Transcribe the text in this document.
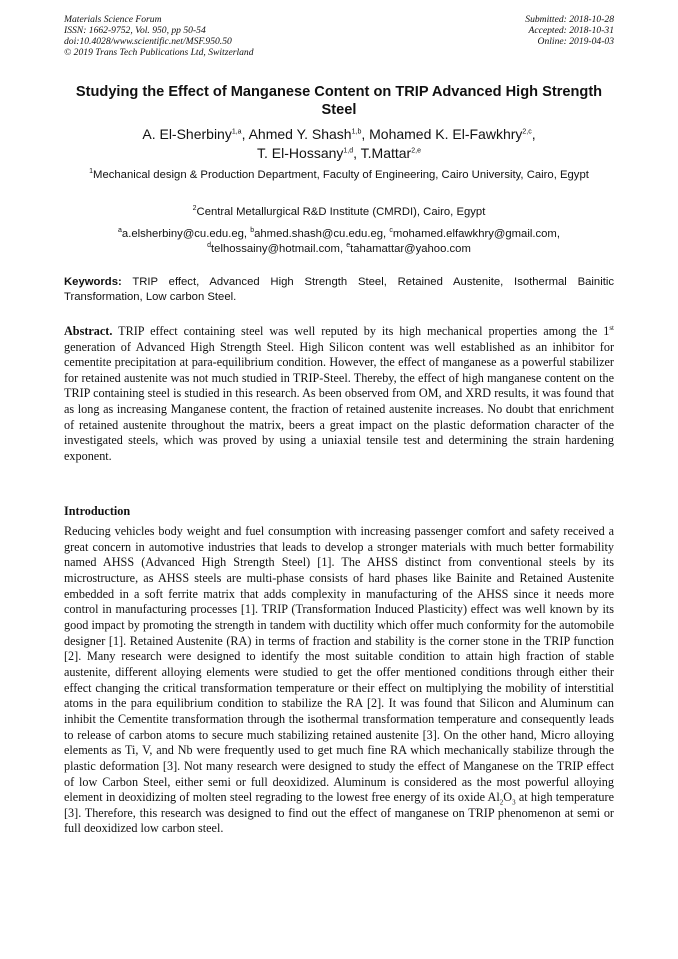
Materials Science Forum
ISSN: 1662-9752, Vol. 950, pp 50-54
doi:10.4028/www.scientific.net/MSF.950.50
© 2019 Trans Tech Publications Ltd, Switzerland
Submitted: 2018-10-28
Accepted: 2018-10-31
Online: 2019-04-03
Studying the Effect of Manganese Content on TRIP Advanced High Strength Steel
A. El-Sherbiny$^{1,a}$, Ahmed Y. Shash$^{1,b}$, Mohamed K. El-Fawkhry$^{2,c}$,
T. El-Hossany$^{1,d}$, T.Mattar$^{2,e}$
$^1$Mechanical design & Production Department, Faculty of Engineering, Cairo University, Cairo, Egypt
$^2$Central Metallurgical R&D Institute (CMRDI), Cairo, Egypt
$^a$a.elsherbiny@cu.edu.eg, $^b$ahmed.shash@cu.edu.eg, $^c$mohamed.elfawkhry@gmail.com,
$^d$telhossainy@hotmail.com, $^e$tahamattar@yahoo.com
Keywords: TRIP effect, Advanced High Strength Steel, Retained Austenite, Isothermal Bainitic Transformation, Low carbon Steel.
Abstract. TRIP effect containing steel was well reputed by its high mechanical properties among the 1st generation of Advanced High Strength Steel. High Silicon content was well established as an inhibitor for cementite precipitation at para-equilibrium condition. However, the effect of manganese as a powerful stabilizer for retained austenite was not much studied in TRIP-Steel. Thereby, the effect of high manganese content on the TRIP containing steel is studied in this research. As been observed from OM, and XRD results, it was found that as long as increasing Manganese content, the fraction of retained austenite increases. No doubt that enrichment of retained austenite throughout the matrix, beers a great impact on the plastic deformation character of the investigated steels, which was proved by using a uniaxial tensile test and determining the strain hardening exponent.
Introduction
Reducing vehicles body weight and fuel consumption with increasing passenger comfort and safety received a great concern in automotive industries that leads to develop a stronger materials with much better formability named AHSS (Advanced High Strength Steel) [1]. The AHSS distinct from conventional steels by its microstructure, as AHSS steels are multi-phase consists of hard phases like Bainite and Retained Austenite embedded in a soft ferrite matrix that adds complexity in manufacturing of the AHSS since it needs more control in manufacturing processes [1]. TRIP (Transformation Induced Plasticity) effect was well known by its good impact by promoting the strength in tandem with ductility which offer much conformity for the automobile designer [1]. Retained Austenite (RA) in terms of fraction and stability is the corner stone in the TRIP function [2]. Many research were designed to identify the most suitable condition to attain high fraction of stable austenite, different alloying elements were studied to get the offer mentioned conditions through either their effect changing the critical transformation temperature or their effect on multiplying the mobility of interstitial atoms in the para equilibrium condition to stabilize the RA [2]. It was found that Silicon and Aluminum can inhibit the Cementite transformation through the isothermal transformation temperature and consequently leads to release of carbon atoms to secure much stabilizing retained austenite [3]. On the other hand, Micro alloying elements as Ti, V, and Nb were frequently used to get much fine RA which mechanically stabilize through the plastic deformation [3]. Not many research were designed to study the effect of Manganese on the TRIP effect of low Carbon Steel, either semi or full deoxidized. Aluminum is considered as the most powerful alloying element in deoxidizing of molten steel regrading to the lowest free energy of its oxide $Al_2O_3$ at high temperature [3]. Therefore, this research was designed to find out the effect of manganese on TRIP phenomenon at semi or full deoxidized low carbon steel.
